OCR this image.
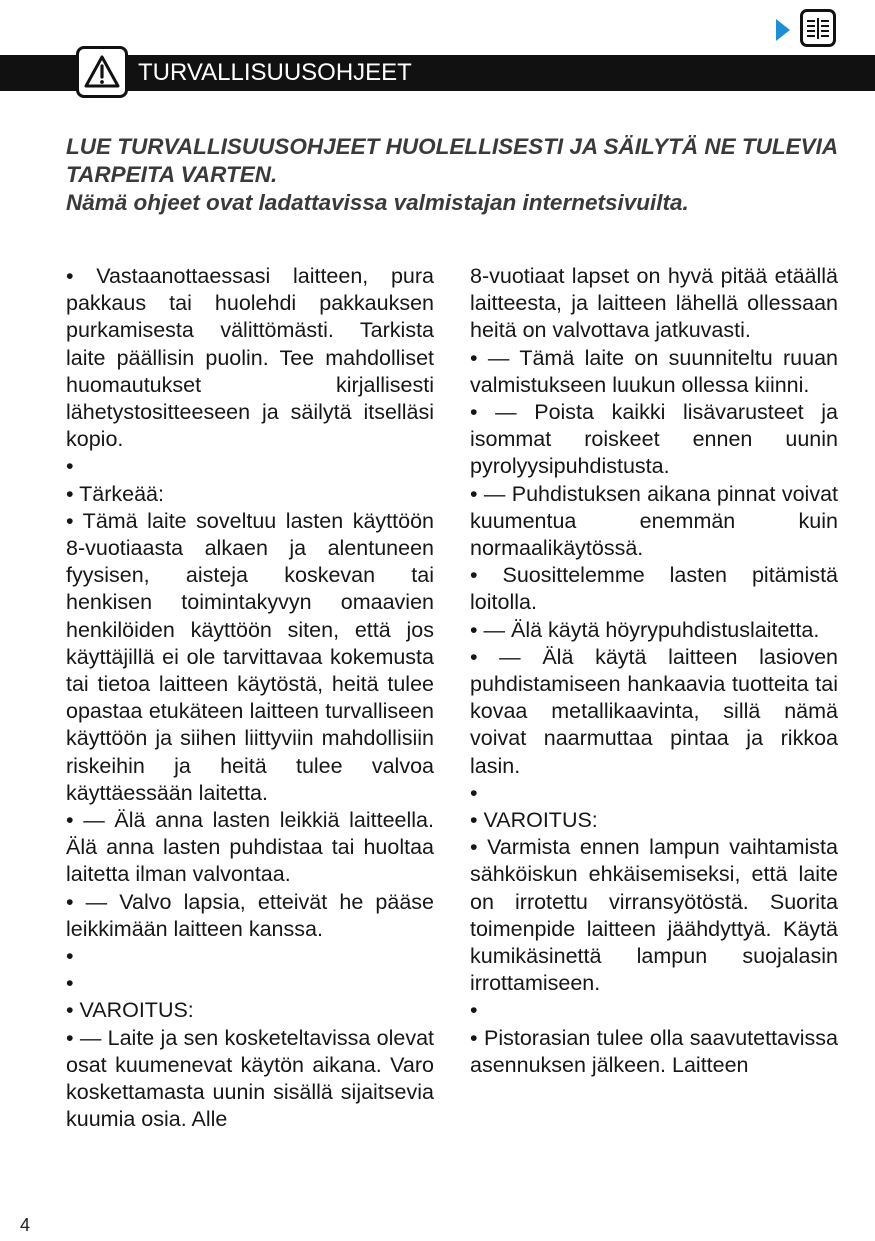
TURVALLISUUSOHJEET

LUE TURVALLISUUSOHJEET HUOLELLISESTI JA SÄILYTÄ NE TULEVIA TARPEITA VARTEN.

Nämä ohjeet ovat ladattavissa valmistajan internetsivuilta.

• Vastaanottaessasi laitteen, pura pakkaus tai huolehdi pakkauksen purkamisesta välittömästi. Tarkista laite päällisin puolin. Tee mahdolliset huomautukset kirjallisesti lähetystositteeseen ja säilytä itselläsi kopio.

•

• Tärkeää:

• Tämä laite soveltuu lasten käyttöön 8-vuotiaasta alkaen ja alentuneen fyysisen, aisteja koskevan tai henkisen toimintakyvyn omaavien henkilöiden käyttöön siten, että jos käyttäjillä ei ole tarvittavaa kokemusta tai tietoa laitteen käytöstä, heitä tulee opastaa etukäteen laitteen turvalliseen käyttöön ja siihen liittyviin mahdollisiin riskeihin ja heitä tulee valvoa käyttäessään laitetta.

• — Älä anna lasten leikkiä laitteella. Älä anna lasten puhdistaa tai huoltaa laitetta ilman valvontaa.

• — Valvo lapsia, etteivät he pääse leikkimään laitteen kanssa.

•

•

• VAROITUS:

• — Laite ja sen kosketeltavissa olevat osat kuumenevat käytön aikana. Varo koskettamasta uunin sisällä sijaitsevia kuumia osia. Alle

8-vuotiaat lapset on hyvä pitää etäällä laitteesta, ja laitteen lähellä ollessaan heitä on valvottava jatkuvasti.

• — Tämä laite on suunniteltu ruuan valmistukseen luukun ollessa kiinni.

• — Poista kaikki lisävarusteet ja isommat roiskeet ennen uunin pyrolyysipuhdistusta.

• — Puhdistuksen aikana pinnat voivat kuumentua enemmän kuin normaalikäytössä.

• Suosittelemme lasten pitämistä loitolla.

• — Älä käytä höyrypuhdistuslaitetta.

• — Älä käytä laitteen lasioven puhdistamiseen hankaavia tuotteita tai kovaa metallikaavinta, sillä nämä voivat naarmuttaa pintaa ja rikkoa lasin.

•

• VAROITUS:

• Varmista ennen lampun vaihtamista sähköiskun ehkäisemiseksi, että laite on irrotettu virransyötöstä. Suorita toimenpide laitteen jäähdyttyä. Käytä kumikäsinettä lampun suojalasin irrottamiseen.

•

• Pistorasian tulee olla saavutettavissa asennuksen jälkeen. Laitteen

4
